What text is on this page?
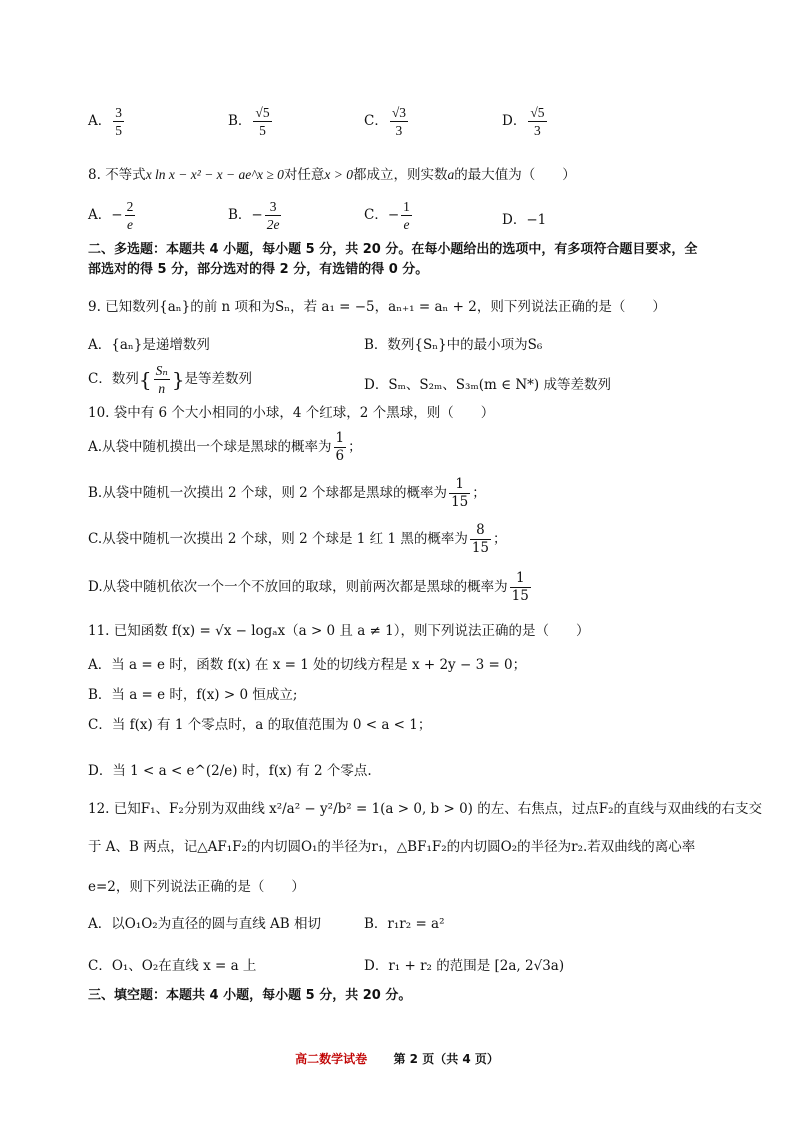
A． $\frac{3}{5}$	B． $\frac{√5}{5}$	C． $\frac{√3}{3}$	D． $\frac{√5}{3}$
8. 不等式x ln x − x² − x − ae^x ≥ 0对任意x > 0都成立，则实数a的最大值为（　　）
A．− $\frac{2}{e}$	B．− $\frac{3}{2e}$	C．− $\frac{1}{e}$	D．−1
二、多选题：本题共 4 小题，每小题 5 分，共 20 分。在每小题给出的选项中，有多项符合题目要求，全
部选对的得 5 分，部分选对的得 2 分，有选错的得 0 分。
9. 已知数列{aₙ}的前 n 项和为Sₙ，若 a₁ = −5，aₙ₊₁ = aₙ + 2，则下列说法正确的是（　　）
A．{aₙ}是递增数列	B．数列{Sₙ}中的最小项为S₆
C．数列{ $\frac{\text{Sₙ}}{n}$ }是等差数列	D．Sₘ、S₂ₘ、S₃ₘ(m ∈ N*) 成等差数列
10. 袋中有 6 个大小相同的小球，4 个红球，2 个黑球，则（　　）
A.从袋中随机摸出一个球是黑球的概率为 $\frac{1}{6}$ ；
B.从袋中随机一次摸出 2 个球，则 2 个球都是黑球的概率为 $\frac{1}{15}$ ；
C.从袋中随机一次摸出 2 个球，则 2 个球是 1 红 1 黑的概率为 $\frac{8}{15}$ ；
D.从袋中随机依次一个一个不放回的取球，则前两次都是黑球的概率为 $\frac{1}{15}$
11. 已知函数 f(x) = √x − logₐx（a > 0 且 a ≠ 1），则下列说法正确的是（　　）
A．当 a = e 时，函数 f(x) 在 x = 1 处的切线方程是 x + 2y − 3 = 0；
B．当 a = e 时，f(x) > 0 恒成立;
C．当 f(x) 有 1 个零点时，a 的取值范围为 0 < a < 1；
D．当 1 < a < e^(2/e) 时，f(x) 有 2 个零点.
12. 已知F₁、F₂分别为双曲线 x²/a² − y²/b² = 1(a > 0, b > 0) 的左、右焦点，过点F₂的直线与双曲线的右支交
于 A、B 两点，记△AF₁F₂的内切圆O₁的半径为r₁，△BF₁F₂的内切圆O₂的半径为r₂.若双曲线的离心率
e=2，则下列说法正确的是（　　）
A．以O₁O₂为直径的圆与直线 AB 相切	B．r₁r₂ = a²
C．O₁、O₂在直线 x = a 上	D．r₁ + r₂ 的范围是 [2a, 2√3a)
三、填空题：本题共 4 小题，每小题 5 分，共 20 分。
高二数学试卷 第 2 页（共 4 页）
